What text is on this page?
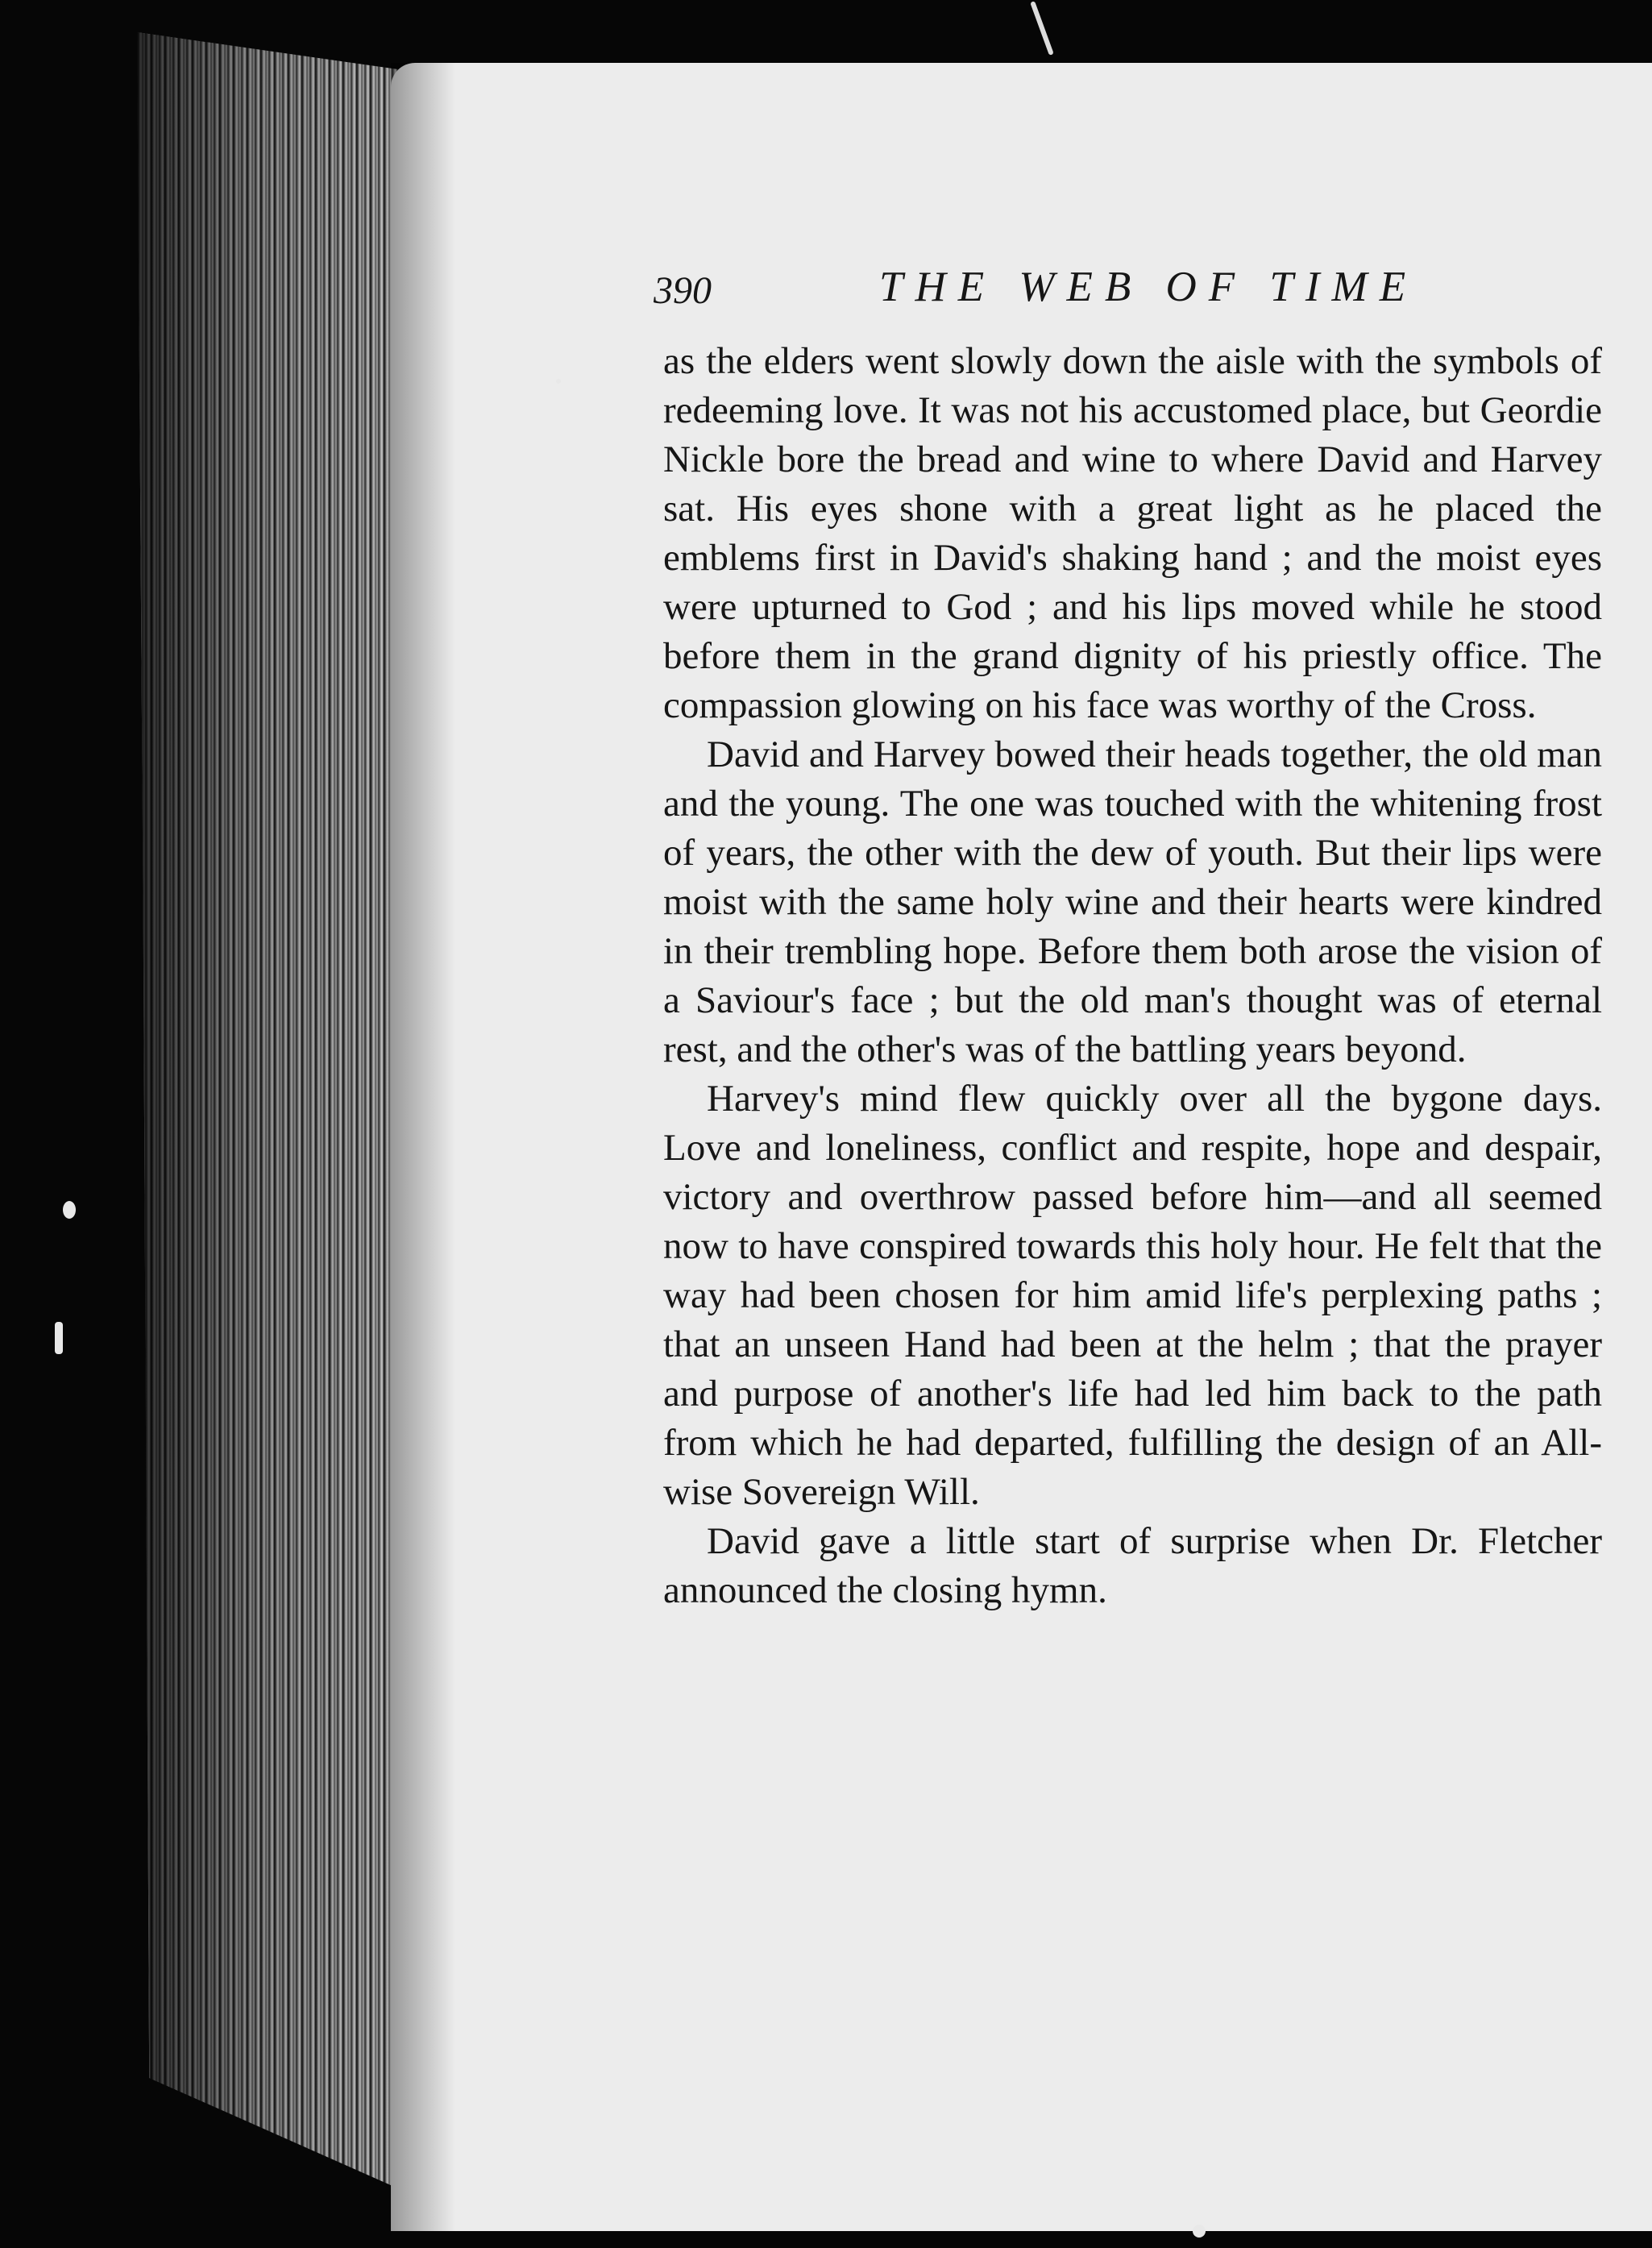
390	THE WEB OF TIME

as the elders went slowly down the aisle with the symbols of redeeming love. It was not his accustomed place, but Geordie Nickle bore the bread and wine to where David and Harvey sat. His eyes shone with a great light as he placed the emblems first in David's shaking hand ; and the moist eyes were upturned to God ; and his lips moved while he stood before them in the grand dignity of his priestly office. The compassion glowing on his face was worthy of the Cross.

David and Harvey bowed their heads together, the old man and the young. The one was touched with the whitening frost of years, the other with the dew of youth. But their lips were moist with the same holy wine and their hearts were kindred in their trembling hope. Before them both arose the vision of a Saviour's face ; but the old man's thought was of eternal rest, and the other's was of the battling years beyond.

Harvey's mind flew quickly over all the bygone days. Love and loneliness, conflict and respite, hope and despair, victory and overthrow passed before him—and all seemed now to have conspired towards this holy hour. He felt that the way had been chosen for him amid life's perplexing paths ; that an unseen Hand had been at the helm ; that the prayer and purpose of another's life had led him back to the path from which he had departed, fulfilling the design of an All-wise Sovereign Will.

David gave a little start of surprise when Dr. Fletcher announced the closing hymn.
